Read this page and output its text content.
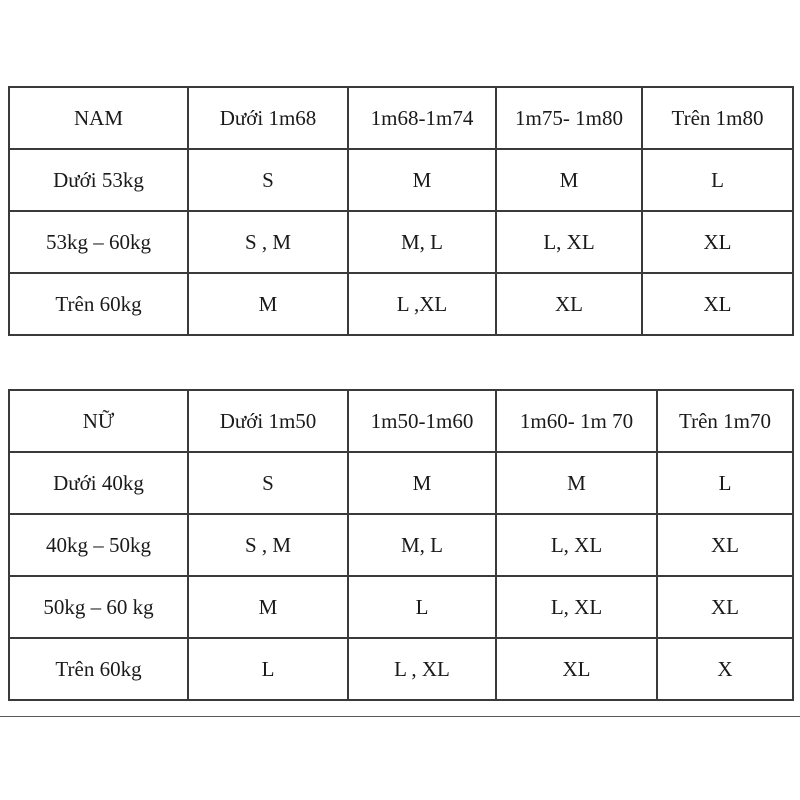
NAM	Dưới 1m68	1m68-1m74	1m75- 1m80	Trên 1m80
Dưới 53kg	S	M	M	L
53kg – 60kg	S , M	M, L	L, XL	XL
Trên 60kg	M	L ,XL	XL	XL
NỮ	Dưới 1m50	1m50-1m60	1m60- 1m 70	Trên 1m70
Dưới 40kg	S	M	M	L
40kg – 50kg	S , M	M, L	L, XL	XL
50kg – 60 kg	M	L	L, XL	XL
Trên 60kg	L	L , XL	XL	X
